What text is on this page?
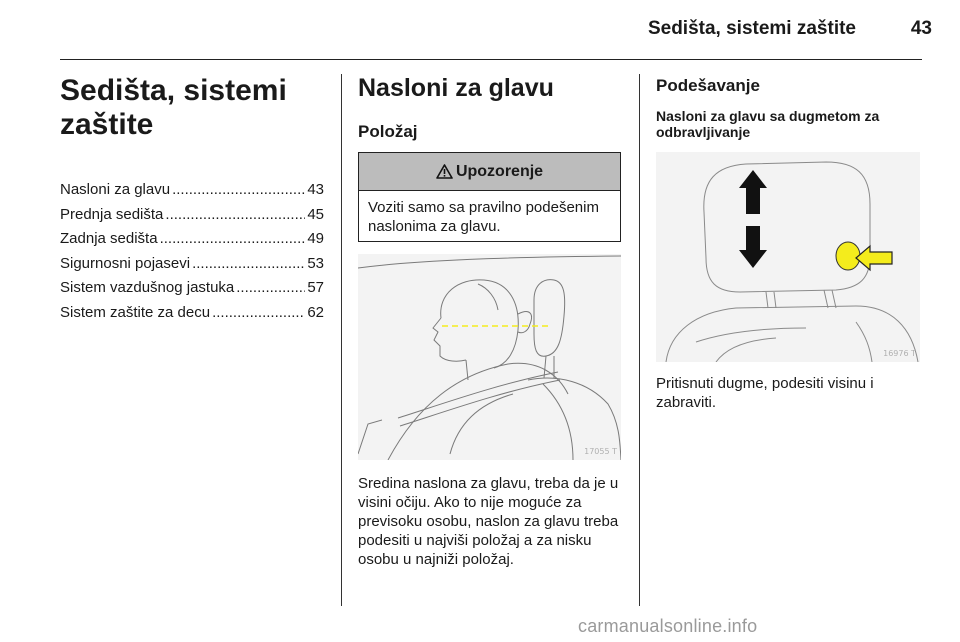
Sedišta, sistemi zaštite	43
Sedišta, sistemi zaštite
Nasloni za glavu .....	43
Prednja sedišta .....	45
Zadnja sedišta .....	49
Sigurnosni pojasevi .....	53
Sistem vazdušnog jastuka .....	57
Sistem zaštite za decu .....	62
Nasloni za glavu
Položaj
Upozorenje
Voziti samo sa pravilno podešenim naslonima za glavu.
17055 T

Sredina naslona za glavu, treba da je u visini očiju. Ako to nije moguće za previsoku osobu, naslon za glavu treba podesiti u najviši položaj a za nisku osobu u najniži položaj.

Podešavanje
Nasloni za glavu sa dugmetom za odbravljivanje
16976 T

Pritisnuti dugme, podesiti visinu i zabraviti.

carmanualsonline.info
